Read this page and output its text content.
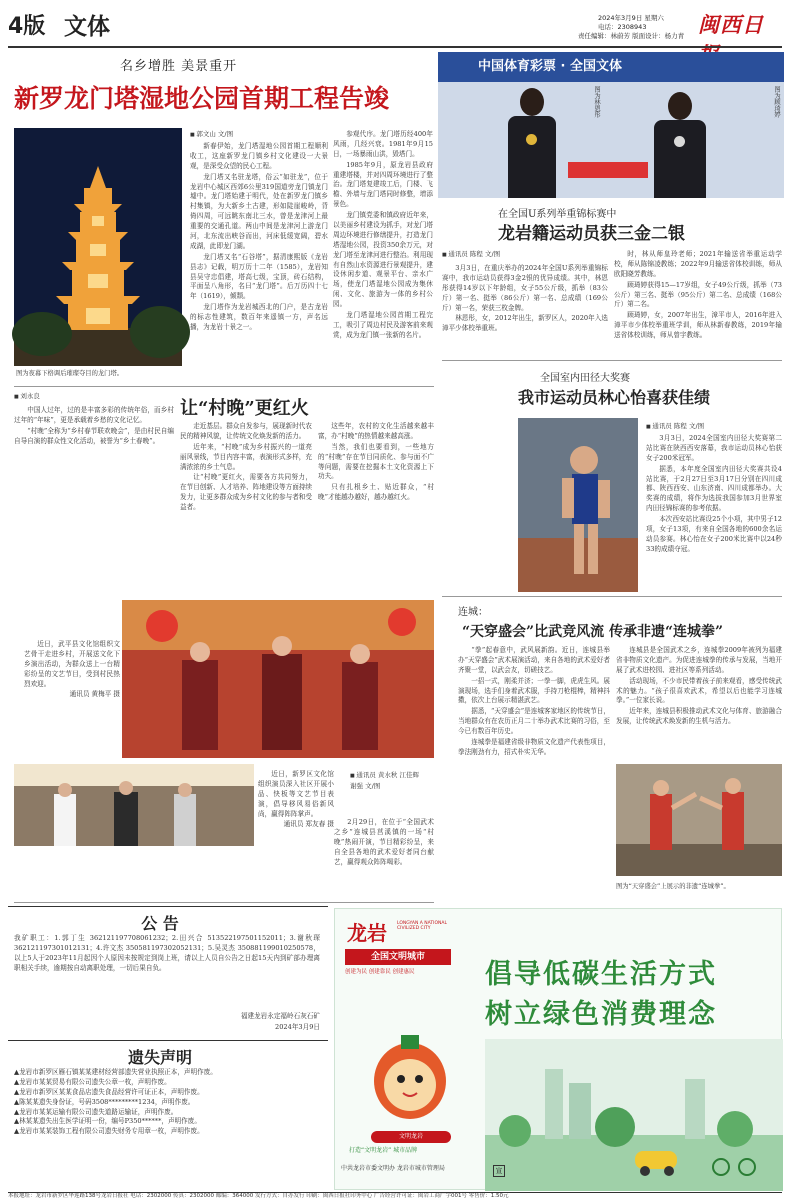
4版 文体	2024年3月9日 星期六
电话：2308943
责任编辑：林蔚芳 版面设计：杨力青 闽西日
名乡增胜 美景重开
新罗龙门塔湿地公园首期工程告竣
图为夜幕下格调后璀璨夺目的龙门塔。
■ 郭文山 文/图

新春伊始，龙门塔湿地公园首期工程顺利收工，这座新罗龙门镇乡村文化建设一大景观，是深受众望的民心工程。

龙门塔又名驻龙塔，俗云“如驻龙”，位于龙岩中心城区西郊6公里319国道旁龙门镇龙门墟中。龙门塔始建于明代，处在新罗龙门镇乡村集镇，为大新乡土古建，形如陡崖峻岭，背倚四周，可远眺东南北三水，曾是龙津河上最重要的交通孔道。两山中间是龙津河上游龙门河，北东流出峡谷而出，河床低缓宽阔，碧水成湖，此即龙门湖。

龙门塔又名“石谷塔”，据清康熙版《龙岩县志》记载，明万历十二年（1585），龙岩知县吴守忠倡建，塔高七级，宝顶，砖石结构，平面呈八角形，名曰“龙门塔”。后万历四十七年（1619），倾颓。

龙门塔作为龙岩城西北的门户，是古龙岩的标志性建筑，数百年来遥镇一方，声名远播，为龙岩十景之一。

参观代序。龙门塔历经400年风雨，几经兴衰。1981年9月15日，一场暴雨山洪，毁塔门。

1985年9月，原龙岩县政府重建塔楼，并对四周环境进行了整治。龙门塔复建竣工后，门楼、飞檐、外墙与龙门塔同时修整，增添景色。

龙门镇党委和镇政府近年来，以美丽乡村建设为抓手，对龙门塔周边环境进行修缮提升，打造龙门塔湿地公园，投资350余万元，对龙门塔至龙津河进行整治。利用现有自然山水资源进行景观提升，建设休闲步道、观景平台、亲水广场，使龙门塔湿地公园成为集休闲、文化、旅游为一体的乡村公园。

龙门塔湿地公园首期工程完工，吸引了周边村民及游客前来观赏，成为龙门镇一张新的名片。

中国体育彩票 · 全国文体
图为林恩彤	图为顾琦婷
在全国U系列举重锦标赛中
龙岩籍运动员获三金二银
■ 通讯员 陈程 文/图

3月3日，在重庆举办的2024年全国U系列举重锦标赛中，我市运动员获得3金2银的优异成绩。其中，林恩彤获得14岁以下年龄组，女子55公斤级，抓举（83公斤）第一名、挺举（86公斤）第一名、总成绩（169公斤）第一名，荣获三枚金牌。

林恩彤，女，2012年出生，新罗区人，2020年入选漳平少体校举重班。

时，林从师皇玲老师；2021年输送省举重运动学校，师从陈锦凌教练；2022年9月输送省体校训练，师从欧阳晓芳教练。

顾琦婷获得15—17岁组，女子49公斤级，抓举（73公斤）第三名、挺举（95公斤）第二名、总成绩（168公斤）第二名。

顾琦婷，女，2007年出生，漳平市人，2016年进入漳平市少体校举重班学训，师从林新春教练，2019年输送省体校训练，师从曾宇教练。

全国室内田径大奖赛
我市运动员林心怡喜获佳绩
■ 通讯员 陈程 文/图

3月3日，2024全国室内田径大奖赛第二站比赛在陕西西安落幕，我市运动员林心怡获女子200米冠军。

据悉，本年度全国室内田径大奖赛共设4站比赛，于2月27日至3月17日分别在四川成都、陕西西安、山东济南、四川成都举办。大奖赛的成绩，将作为选拔我国参加3月世界室内田径锦标赛的参考依据。

本次西安站比赛设25个小项，其中男子12项，女子13项，有来自全国各地的600余名运动员参赛。林心怡在女子200米比赛中以24秒33的成绩夺冠。

■ 刘永良
让“村晚”更红火

中国人过年，过的是丰富多彩的传统年俗，而乡村过年的“年味”，更是承载着乡愁的文化记忆。

“村晚”全称为“乡村春节联欢晚会”，是由村民自编自导自演的群众性文化活动，被誉为“乡土春晚”。

走近基层。群众自发参与，展现新时代农民的精神风貌，让传统文化焕发新的活力。

近年来，“村晚”成为乡村振兴的一道亮丽风景线，节目内容丰富，表演形式多样，充满浓浓的乡土气息。

让“村晚”更红火，需要各方共同努力，在节目创新、人才培养、阵地建设等方面持续发力，让更多群众成为乡村文化的参与者和受益者。

这些年，农村的文化生活越来越丰富，办“村晚”的热情越来越高涨。

当然，我们也要看到，一些地方的“村晚”存在节目同质化、参与面不广等问题，需要在挖掘本土文化资源上下功夫。

只有扎根乡土、贴近群众，“村晚”才能越办越好，越办越红火。

近日，武平县文化馆组织文艺骨干走进乡村，开展送文化下乡演出活动，为群众送上一台精彩纷呈的文艺节目，受到村民热烈欢迎。

通讯员 黄梅平 摄

近日，新罗区文化馆组织演员深入社区开展小品、快板等文艺节目表演，倡导移风易俗新风尚，赢得阵阵掌声。

通讯员 郑友春 摄
■ 通讯员 黄水秋 江佳辉 谢强 文/图

2月29日，在位于“全国武术之乡”连城县莒溪镇的一场“村晚”热闹开演，节目精彩纷呈，来自全县各地的武术爱好者同台献艺，赢得观众阵阵喝彩。

连城：
“天穿盛会”比武竞风流 传承非遗“连城拳”

“拳”起春意中，武风展新韵。近日，连城县举办“天穿盛会”武术展演活动，来自各地的武术爱好者齐聚一堂，以武会友，切磋技艺。

一招一式，刚柔并济；一拳一脚，虎虎生风。展演现场，选手们身着武术服，手持刀枪棍棒，精神抖擞，依次上台展示精湛武艺。

据悉，“天穿盛会”是连城客家地区的传统节日，当地群众有在农历正月二十举办武术比赛的习俗，至今已有数百年历史。

连城拳是福建省级非物质文化遗产代表性项目，拳法刚劲有力，招式朴实无华。

连城县是全国武术之乡，连城拳2009年被列为福建省非物质文化遗产。为促进连城拳的传承与发展，当地开展了武术进校园、进社区等系列活动。

活动现场，不少市民带着孩子前来观看，感受传统武术的魅力。“孩子很喜欢武术，希望以后也能学习连城拳。”一位家长说。

近年来，连城县积极推动武术文化与体育、旅游融合发展，让传统武术焕发新的生机与活力。

图为“天穿盛会”上展示的非遗“连城拳”。
公 告

我矿职工：1.郭丁生 362121197708061232；2.田兴合 513522197501152011；3.谢秋琛 362121197301012131；4.许文杰 350581197302052131；5.吴灵杰 350881199010250578，以上5人于2023年11月起因个人原因未按规定到岗上班，请以上人员自公告之日起15天内到矿部办理离职相关手续，逾期按自动离职处理，一切后果自负。

福建龙岩永定福岭石灰石矿
2024年3月9日
遗失声明
▲龙岩市新罗区雁石镇某某建材经营部遗失营业执照正本，声明作废。
▲龙岩市某某贸易有限公司遗失公章一枚，声明作废。
▲龙岩市新罗区某某食品店遗失食品经营许可证正本，声明作废。
▲陈某某遗失身份证，号码3508*********1234，声明作废。
▲龙岩市某某运输有限公司遗失道路运输证，声明作废。
▲林某某遗失出生医学证明一份，编号P350******，声明作废。
▲龙岩市某某装饰工程有限公司遗失财务专用章一枚，声明作废。
龙岩 LONGYAN A NATIONAL CIVILIZED CITY
全国文明城市
创建为民 创建靠民 创建惠民	倡导低碳生活方式
树立绿色消费理念
文明龙岩
打造“文明龙岩” 城市品牌
中共龙岩市委文明办 龙岩市城市管理局	宣
本报地址：龙岩市新罗区华莲路138号龙岩日报社 电话：2302000 传真：2302000 邮编：364000 发行方式：自办发行 印刷：闽西日报社印务中心 广告经营许可证：闽岩工商广字001号 零售价：1.50元
